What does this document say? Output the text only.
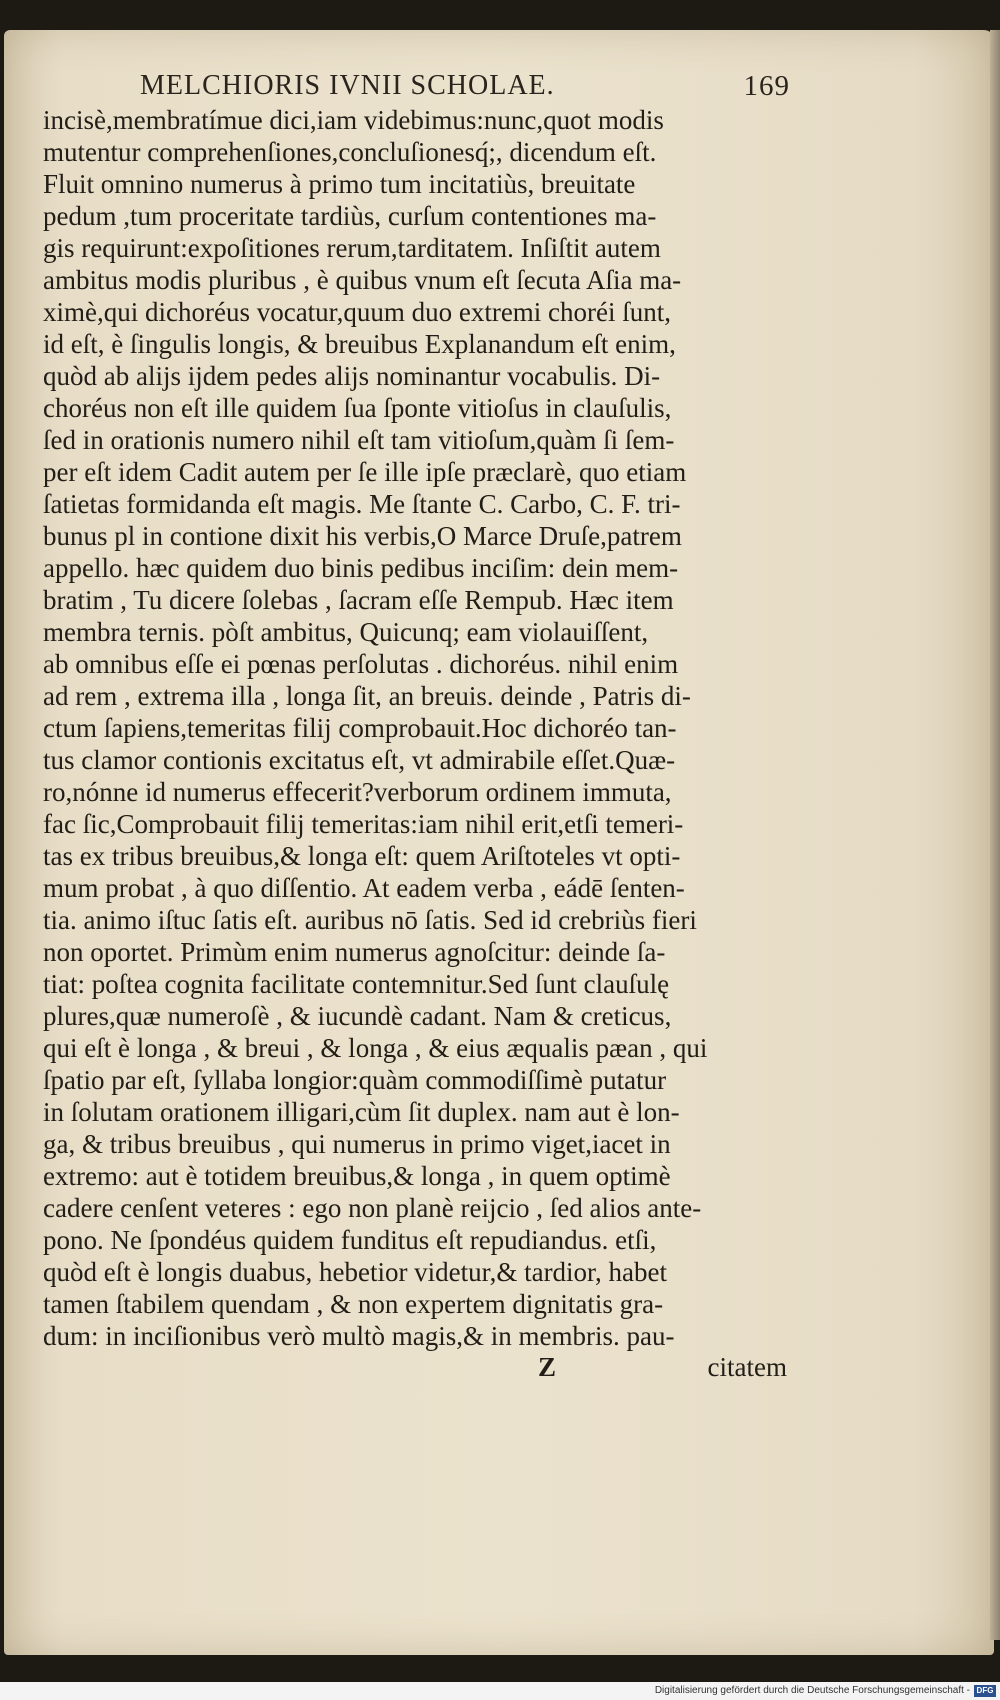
MELCHIORIS IVNII SCHOLAE.	169
incisè,membratímue dici,iam videbimus:nunc,quot modis
mutentur comprehenſiones,concluſionesq́;, dicendum eſt.
Fluit omnino numerus à primo tum incitatiùs, breuitate
pedum ,tum proceritate tardiùs, curſum contentiones ma-
gis requirunt:expoſitiones rerum,tarditatem. Inſiſtit autem
ambitus modis pluribus , è quibus vnum eſt ſecuta Aſia ma-
ximè,qui dichoréus vocatur,quum duo extremi choréi ſunt,
id eſt, è ſingulis longis, & breuibus Explanandum eſt enim,
quòd ab alijs ijdem pedes alijs nominantur vocabulis. Di-
choréus non eſt ille quidem ſua ſponte vitioſus in clauſulis,
ſed in orationis numero nihil eſt tam vitioſum,quàm ſi ſem-
per eſt idem Cadit autem per ſe ille ipſe præclarè, quo etiam
ſatietas formidanda eſt magis. Me ſtante C. Carbo, C. F. tri-
bunus pl in contione dixit his verbis,O Marce Druſe,patrem
appello. hæc quidem duo binis pedibus inciſim: dein mem-
bratim , Tu dicere ſolebas , ſacram eſſe Rempub. Hæc item
membra ternis. pòſt ambitus, Quicunq; eam violauiſſent,
ab omnibus eſſe ei pœnas perſolutas . dichoréus. nihil enim
ad rem , extrema illa , longa ſit, an breuis. deinde , Patris di-
ctum ſapiens,temeritas filij comprobauit.Hoc dichoréo tan-
tus clamor contionis excitatus eſt, vt admirabile eſſet.Quæ-
ro,nónne id numerus effecerit?verborum ordinem immuta,
fac ſic,Comprobauit filij temeritas:iam nihil erit,etſi temeri-
tas ex tribus breuibus,& longa eſt: quem Ariſtoteles vt opti-
mum probat , à quo diſſentio. At eadem verba , eádē ſenten-
tia. animo iſtuc ſatis eſt. auribus nō ſatis. Sed id crebriùs fieri
non oportet. Primùm enim numerus agnoſcitur: deinde ſa-
tiat: poſtea cognita facilitate contemnitur.Sed ſunt clauſulę
plures,quæ numeroſè , & iucundè cadant. Nam & creticus,
qui eſt è longa , & breui , & longa , & eius æqualis pæan , qui
ſpatio par eſt, ſyllaba longior:quàm commodiſſimè putatur
in ſolutam orationem illigari,cùm ſit duplex. nam aut è lon-
ga, & tribus breuibus , qui numerus in primo viget,iacet in
extremo: aut è totidem breuibus,& longa , in quem optimè
cadere cenſent veteres : ego non planè reijcio , ſed alios ante-
pono. Ne ſpondéus quidem funditus eſt repudiandus. etſi,
quòd eſt è longis duabus, hebetior videtur,& tardior, habet
tamen ſtabilem quendam , & non expertem dignitatis gra-
dum: in inciſionibus verò multò magis,& in membris. pau-
Z	citatem
Digitalisierung gefördert durch die Deutsche Forschungsgemeinschaft - DFG
